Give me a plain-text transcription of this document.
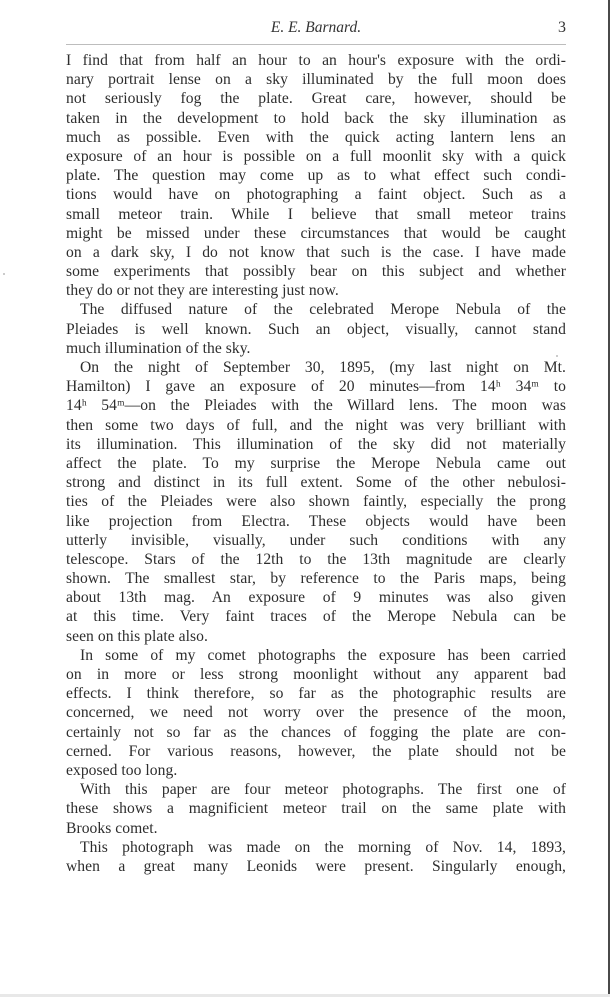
E. E. Barnard.	3
I find that from half an hour to an hour's exposure with the ordi-
nary portrait lense on a sky illuminated by the full moon does
not seriously fog the plate. Great care, however, should be
taken in the development to hold back the sky illumination as
much as possible. Even with the quick acting lantern lens an
exposure of an hour is possible on a full moonlit sky with a quick
plate. The question may come up as to what effect such condi-
tions would have on photographing a faint object. Such as a
small meteor train. While I believe that small meteor trains
might be missed under these circumstances that would be caught
on a dark sky, I do not know that such is the case. I have made
some experiments that possibly bear on this subject and whether
they do or not they are interesting just now.
The diffused nature of the celebrated Merope Nebula of the
Pleiades is well known. Such an object, visually, cannot stand
much illumination of the sky.
On the night of September 30, 1895, (my last night on Mt.
Hamilton) I gave an exposure of 20 minutes—from 14ʰ 34ᵐ to
14ʰ 54ᵐ—on the Pleiades with the Willard lens. The moon was
then some two days of full, and the night was very brilliant with
its illumination. This illumination of the sky did not materially
affect the plate. To my surprise the Merope Nebula came out
strong and distinct in its full extent. Some of the other nebulosi-
ties of the Pleiades were also shown faintly, especially the prong
like projection from Electra. These objects would have been
utterly invisible, visually, under such conditions with any
telescope. Stars of the 12th to the 13th magnitude are clearly
shown. The smallest star, by reference to the Paris maps, being
about 13th mag. An exposure of 9 minutes was also given
at this time. Very faint traces of the Merope Nebula can be
seen on this plate also.
In some of my comet photographs the exposure has been carried
on in more or less strong moonlight without any apparent bad
effects. I think therefore, so far as the photographic results are
concerned, we need not worry over the presence of the moon,
certainly not so far as the chances of fogging the plate are con-
cerned. For various reasons, however, the plate should not be
exposed too long.
With this paper are four meteor photographs. The first one of
these shows a magnificient meteor trail on the same plate with
Brooks comet.
This photograph was made on the morning of Nov. 14, 1893,
when a great many Leonids were present. Singularly enough,
